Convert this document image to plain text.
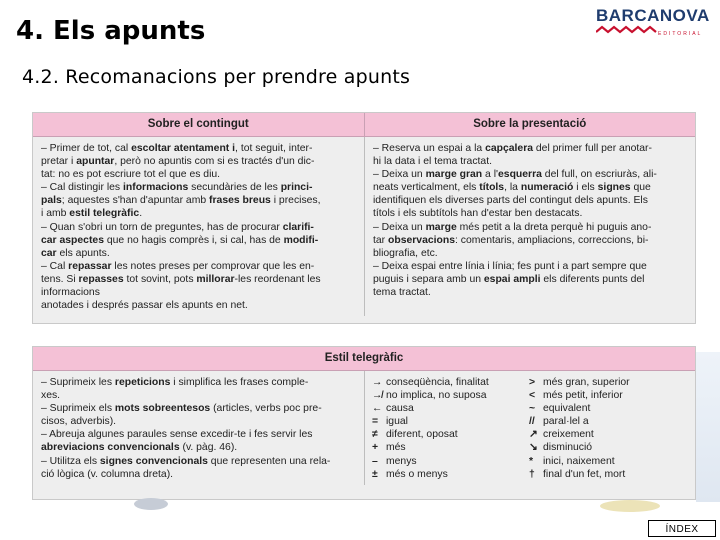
4. Els apunts
4.2. Recomanacions per prendre apunts
BARCANOVA
EDITORIAL
Sobre el contingut	Sobre la presentació
– Primer de tot, cal escoltar atentament i, tot seguit, inter-
pretar i apuntar, però no apuntis com si es tractés d'un dic-
tat: no es pot escriure tot el que es diu.
– Cal distingir les informacions secundàries de les princi-
pals; aquestes s'han d'apuntar amb frases breus i precises,
i amb estil telegràfic.
– Quan s'obri un torn de preguntes, has de procurar clarifi-
car aspectes que no hagis comprès i, si cal, has de modifi-
car els apunts.
– Cal repassar les notes preses per comprovar que les en-
tens. Si repasses tot sovint, pots millorar-les reordenant les informacions
anotades i després passar els apunts en net.
– Reserva un espai a la capçalera del primer full per anotar-
hi la data i el tema tractat.
– Deixa un marge gran a l'esquerra del full, on escriuràs, ali-
neats verticalment, els títols, la numeració i els signes que
identifiquen els diverses parts del contingut dels apunts. Els
títols i els subtítols han d'estar ben destacats.
– Deixa un marge més petit a la dreta perquè hi puguis ano-
tar observacions: comentaris, ampliacions, correccions, bi-
bliografia, etc.
– Deixa espai entre línia i línia; fes punt i a part sempre que
puguis i separa amb un espai ampli els diferents punts del
tema tractat.
Estil telegràfic
– Suprimeix les repeticions i simplifica les frases comple-
xes.
– Suprimeix els mots sobreentesos (articles, verbs poc pre-
cisos, adverbis).
– Abreuja algunes paraules sense excedir-te i fes servir les
abreviacions convencionals (v. pàg. 46).
– Utilitza els signes convencionals que representen una rela-
ció lògica (v. columna dreta).
→ conseqüència, finalitat
↛ no implica, no suposa
← causa
= igual
≠ diferent, oposat
+ més
– menys
± més o menys
> més gran, superior
< més petit, inferior
~ equivalent
// paral·lel a
↗ creixement
↘ disminució
* inici, naixement
† final d'un fet, mort
ÍNDEX
